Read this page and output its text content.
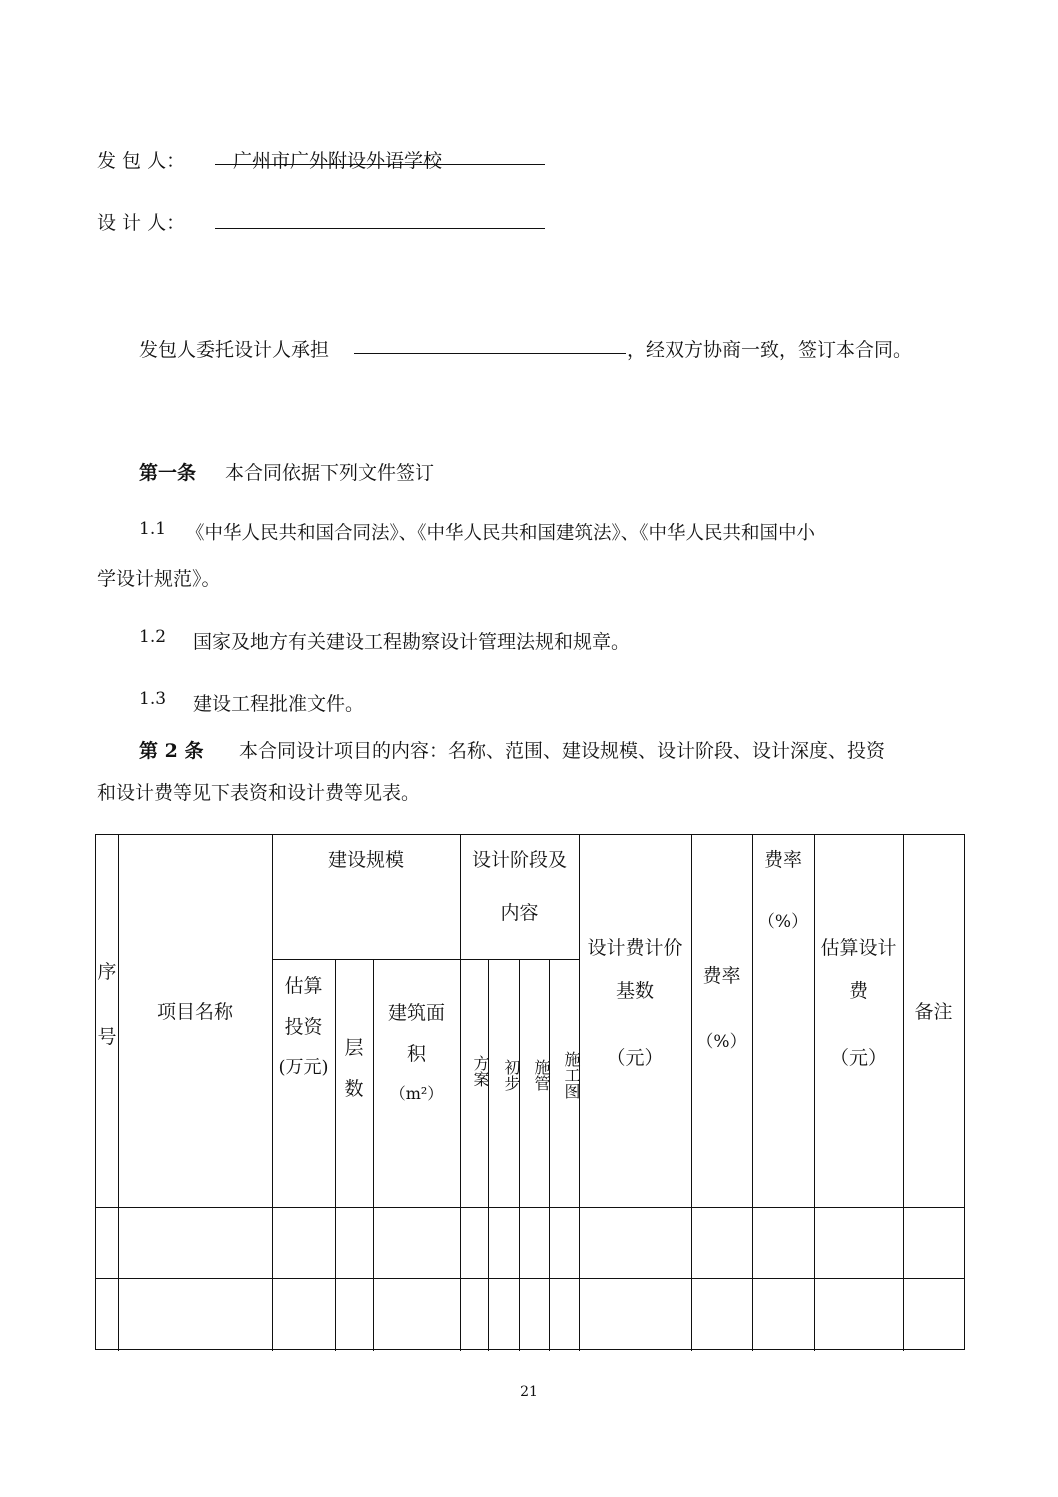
发 包 人：	广州市广外附设外语学校
设 计 人：
发包人委托设计人承担	，经双方协商一致，签订本合同。
第一条 本合同依据下列文件签订
1.1 《中华人民共和国合同法》、《中华人民共和国建筑法》、《中华人民共和国中小
学设计规范》。
1.2 国家及地方有关建设工程勘察设计管理法规和规章。
1.3 建设工程批准文件。
第 2 条 本合同设计项目的内容：名称、范围、建设规模、设计阶段、设计深度、投资
和设计费等见下表资和设计费等见表。
序
号
项目名称
建设规模
估算
投资
(万元)
层
数
建筑面
积
（m²）
设计阶段及
内容
方案 初步 施管 施工图
设计费计价
基数
（元）
费率
（%）
费率
（%）
估算设计
费
（元）
备注
21
